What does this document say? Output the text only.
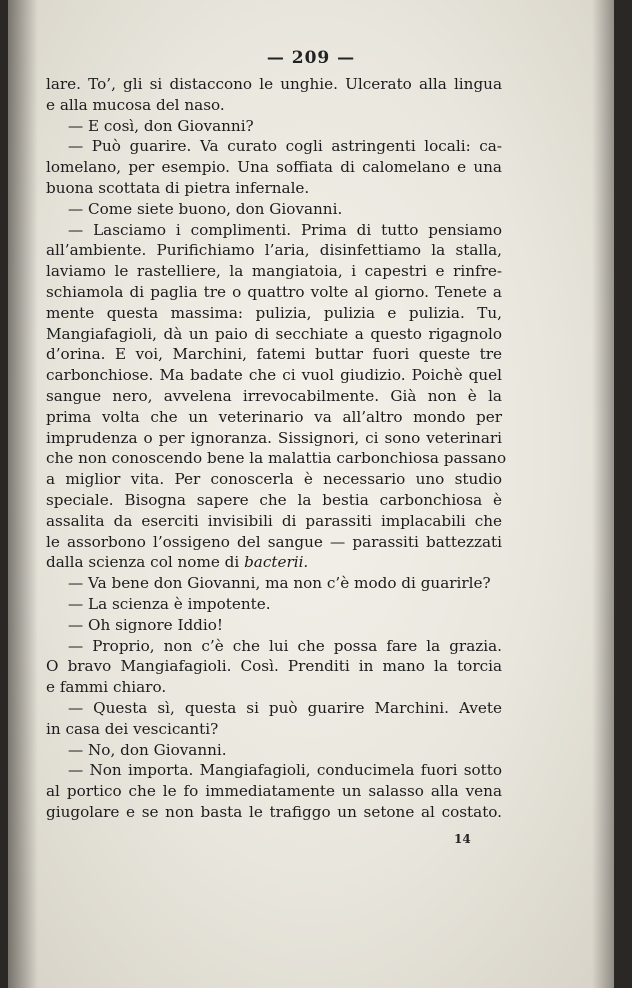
— 209 —
lare. To’, gli si distaccono le unghie. Ulcerato alla lingua
e alla mucosa del naso.
— E così, don Giovanni?
— Può guarire. Va curato cogli astringenti locali: ca-
lomelano, per esempio. Una soffiata di calomelano e una
buona scottata di pietra infernale.
— Come siete buono, don Giovanni.
— Lasciamo i complimenti. Prima di tutto pensiamo
all’ambiente. Purifichiamo l’aria, disinfettiamo la stalla,
laviamo le rastelliere, la mangiatoia, i capestri e rinfre-
schiamola di paglia tre o quattro volte al giorno. Tenete a
mente questa massima: pulizia, pulizia e pulizia. Tu,
Mangiafagioli, dà un paio di secchiate a questo rigagnolo
d’orina. E voi, Marchini, fatemi buttar fuori queste tre
carbonchiose. Ma badate che ci vuol giudizio. Poichè quel
sangue nero, avvelena irrevocabilmente. Già non è la
prima volta che un veterinario va all’altro mondo per
imprudenza o per ignoranza. Sissignori, ci sono veterinari
che non conoscendo bene la malattia carbonchiosa passano
a miglior vita. Per conoscerla è necessario uno studio
speciale. Bisogna sapere che la bestia carbonchiosa è
assalita da eserciti invisibili di parassiti implacabili che
le assorbono l’ossigeno del sangue — parassiti battezzati
dalla scienza col nome di bacterii.
— Va bene don Giovanni, ma non c’è modo di guarirle?
— La scienza è impotente.
— Oh signore Iddio!
— Proprio, non c’è che lui che possa fare la grazia.
O bravo Mangiafagioli. Così. Prenditi in mano la torcia
e fammi chiaro.
— Questa sì, questa si può guarire Marchini. Avete
in casa dei vescicanti?
— No, don Giovanni.
— Non importa. Mangiafagioli, conducimela fuori sotto
al portico che le fo immediatamente un salasso alla vena
giugolare e se non basta le trafiggo un setone al costato.
14
